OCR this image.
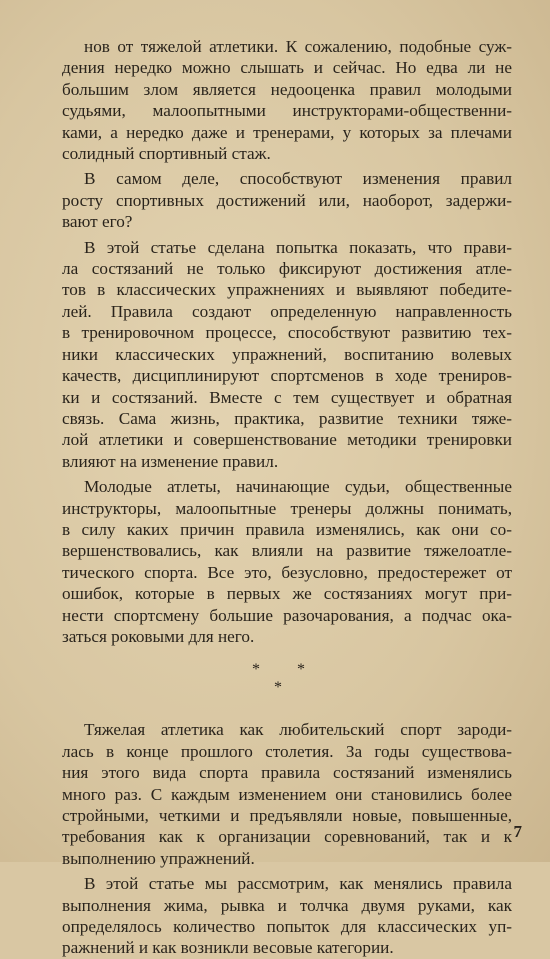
нов от тяжелой атлетики. К сожалению, подобные суж-
дения нередко можно слышать и сейчас. Но едва ли не
большим злом является недооценка правил молодыми
судьями, малоопытными инструкторами-общественни-
ками, а нередко даже и тренерами, у которых за плечами
солидный спортивный стаж.
В самом деле, способствуют изменения правил
росту спортивных достижений или, наоборот, задержи-
вают его?
В этой статье сделана попытка показать, что прави-
ла состязаний не только фиксируют достижения атле-
тов в классических упражнениях и выявляют победите-
лей. Правила создают определенную направленность
в тренировочном процессе, способствуют развитию тех-
ники классических упражнений, воспитанию волевых
качеств, дисциплинируют спортсменов в ходе трениров-
ки и состязаний. Вместе с тем существует и обратная
связь. Сама жизнь, практика, развитие техники тяже-
лой атлетики и совершенствование методики тренировки
влияют на изменение правил.
Молодые атлеты, начинающие судьи, общественные
инструкторы, малоопытные тренеры должны понимать,
в силу каких причин правила изменялись, как они со-
вершенствовались, как влияли на развитие тяжелоатле-
тического спорта. Все это, безусловно, предостережет от
ошибок, которые в первых же состязаниях могут при-
нести спортсмену большие разочарования, а подчас ока-
заться роковыми для него.
* *
*
Тяжелая атлетика как любительский спорт зароди-
лась в конце прошлого столетия. За годы существова-
ния этого вида спорта правила состязаний изменялись
много раз. С каждым изменением они становились более
стройными, четкими и предъявляли новые, повышенные,
требования как к организации соревнований, так и к
выполнению упражнений.
В этой статье мы рассмотрим, как менялись правила
выполнения жима, рывка и толчка двумя руками, как
определялось количество попыток для классических уп-
ражнений и как возникли весовые категории.
7
